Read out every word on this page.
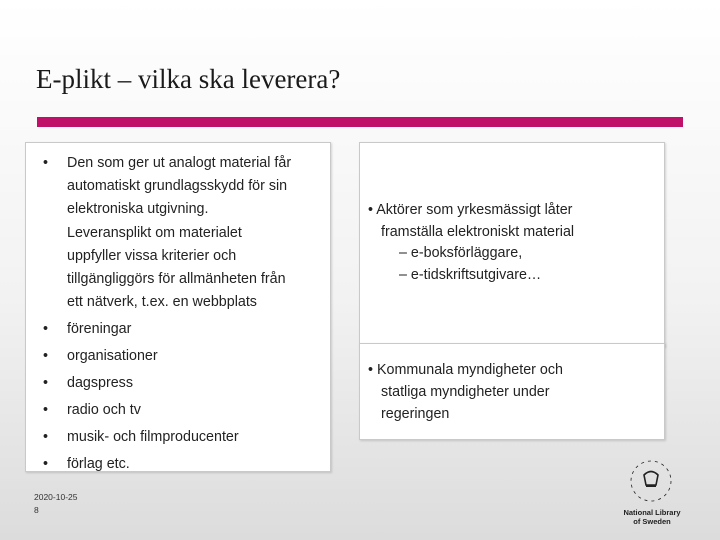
E-plikt – vilka ska leverera?
• Den som ger ut analogt material får
automatiskt grundlagsskydd för sin
elektroniska utgivning.
Leveransplikt om materialet
uppfyller vissa kriterier och
tillgängliggörs för allmänheten från
ett nätverk, t.ex. en webbplats
• föreningar
• organisationer
• dagspress
• radio och tv
• musik- och filmproducenter
• förlag etc.
• Aktörer som yrkesmässigt låter
framställa elektroniskt material
– e-boksförläggare,
– e-tidskriftsutgivare…
• Kommunala myndigheter och
statliga myndigheter under
regeringen
2020-10-25
8	National Library
of Sweden
